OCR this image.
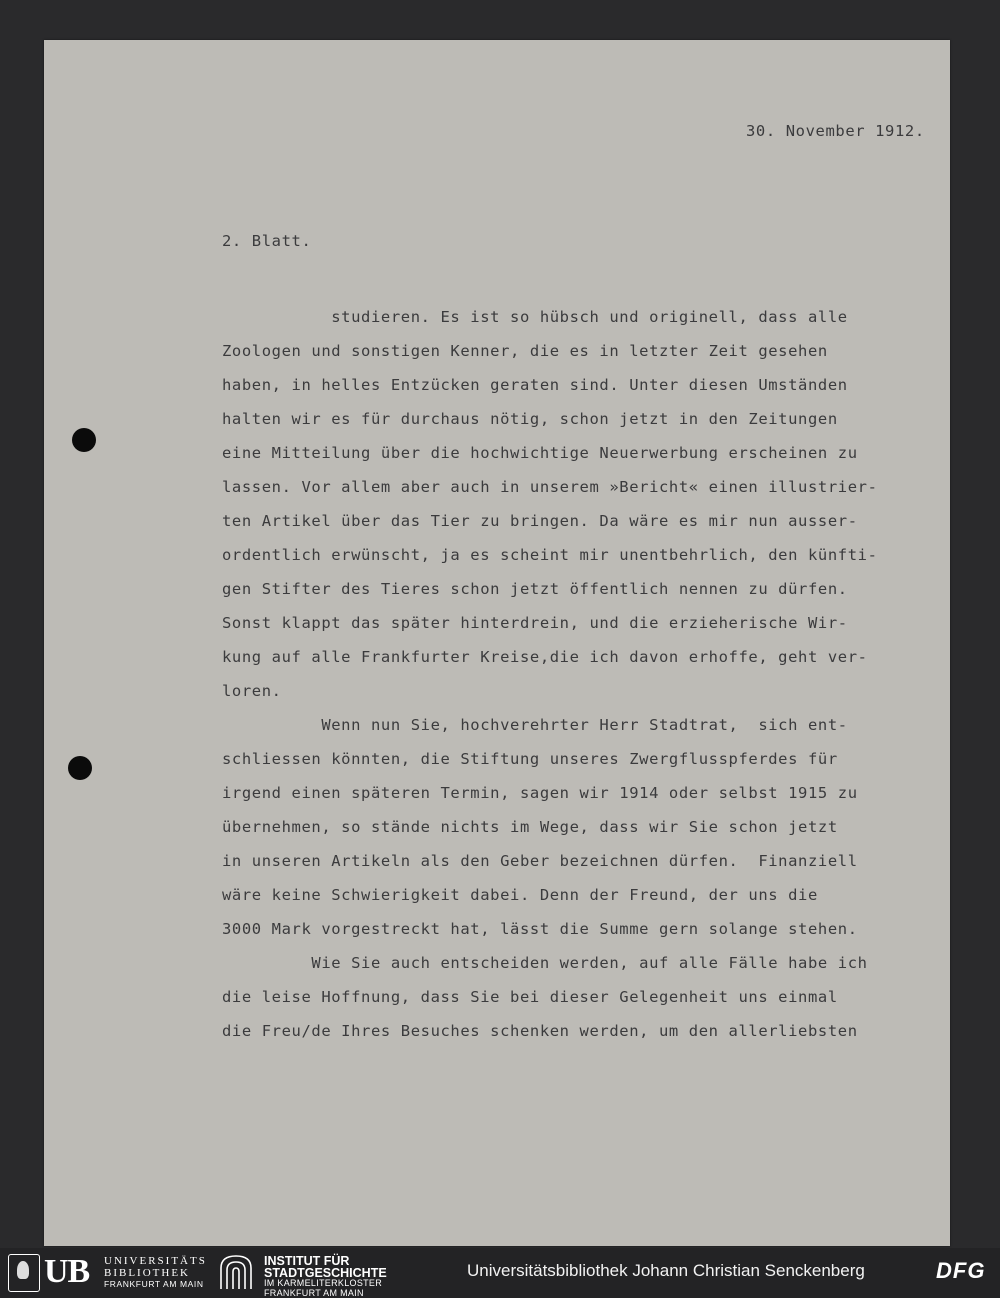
30. November 1912.
2. Blatt.
studieren. Es ist so hübsch und originell, dass alle
Zoologen und sonstigen Kenner, die es in letzter Zeit gesehen
haben, in helles Entzücken geraten sind. Unter diesen Umständen
halten wir es für durchaus nötig, schon jetzt in den Zeitungen
eine Mitteilung über die hochwichtige Neuerwerbung erscheinen zu
lassen. Vor allem aber auch in unserem »Bericht« einen illustrier-
ten Artikel über das Tier zu bringen. Da wäre es mir nun ausser-
ordentlich erwünscht, ja es scheint mir unentbehrlich, den künfti-
gen Stifter des Tieres schon jetzt öffentlich nennen zu dürfen.
Sonst klappt das später hinterdrein, und die erzieherische Wir-
kung auf alle Frankfurter Kreise,die ich davon erhoffe, geht ver-
loren.
Wenn nun Sie, hochverehrter Herr Stadtrat,  sich ent-
schliessen könnten, die Stiftung unseres Zwergflusspferdes für
irgend einen späteren Termin, sagen wir 1914 oder selbst 1915 zu
übernehmen, so stände nichts im Wege, dass wir Sie schon jetzt
in unseren Artikeln als den Geber bezeichnen dürfen.  Finanziell
wäre keine Schwierigkeit dabei. Denn der Freund, der uns die
3000 Mark vorgestreckt hat, lässt die Summe gern solange stehen.
Wie Sie auch entscheiden werden, auf alle Fälle habe ich
die leise Hoffnung, dass Sie bei dieser Gelegenheit uns einmal
die Freu/de Ihres Besuches schenken werden, um den allerliebsten
UB UNIVERSITÄTS
BIBLIOTHEK
FRANKFURT AM MAIN
INSTITUT FÜR
STADTGESCHICHTE
IM KARMELITERKLOSTER
FRANKFURT AM MAIN
Universitätsbibliothek Johann Christian Senckenberg	DFG
